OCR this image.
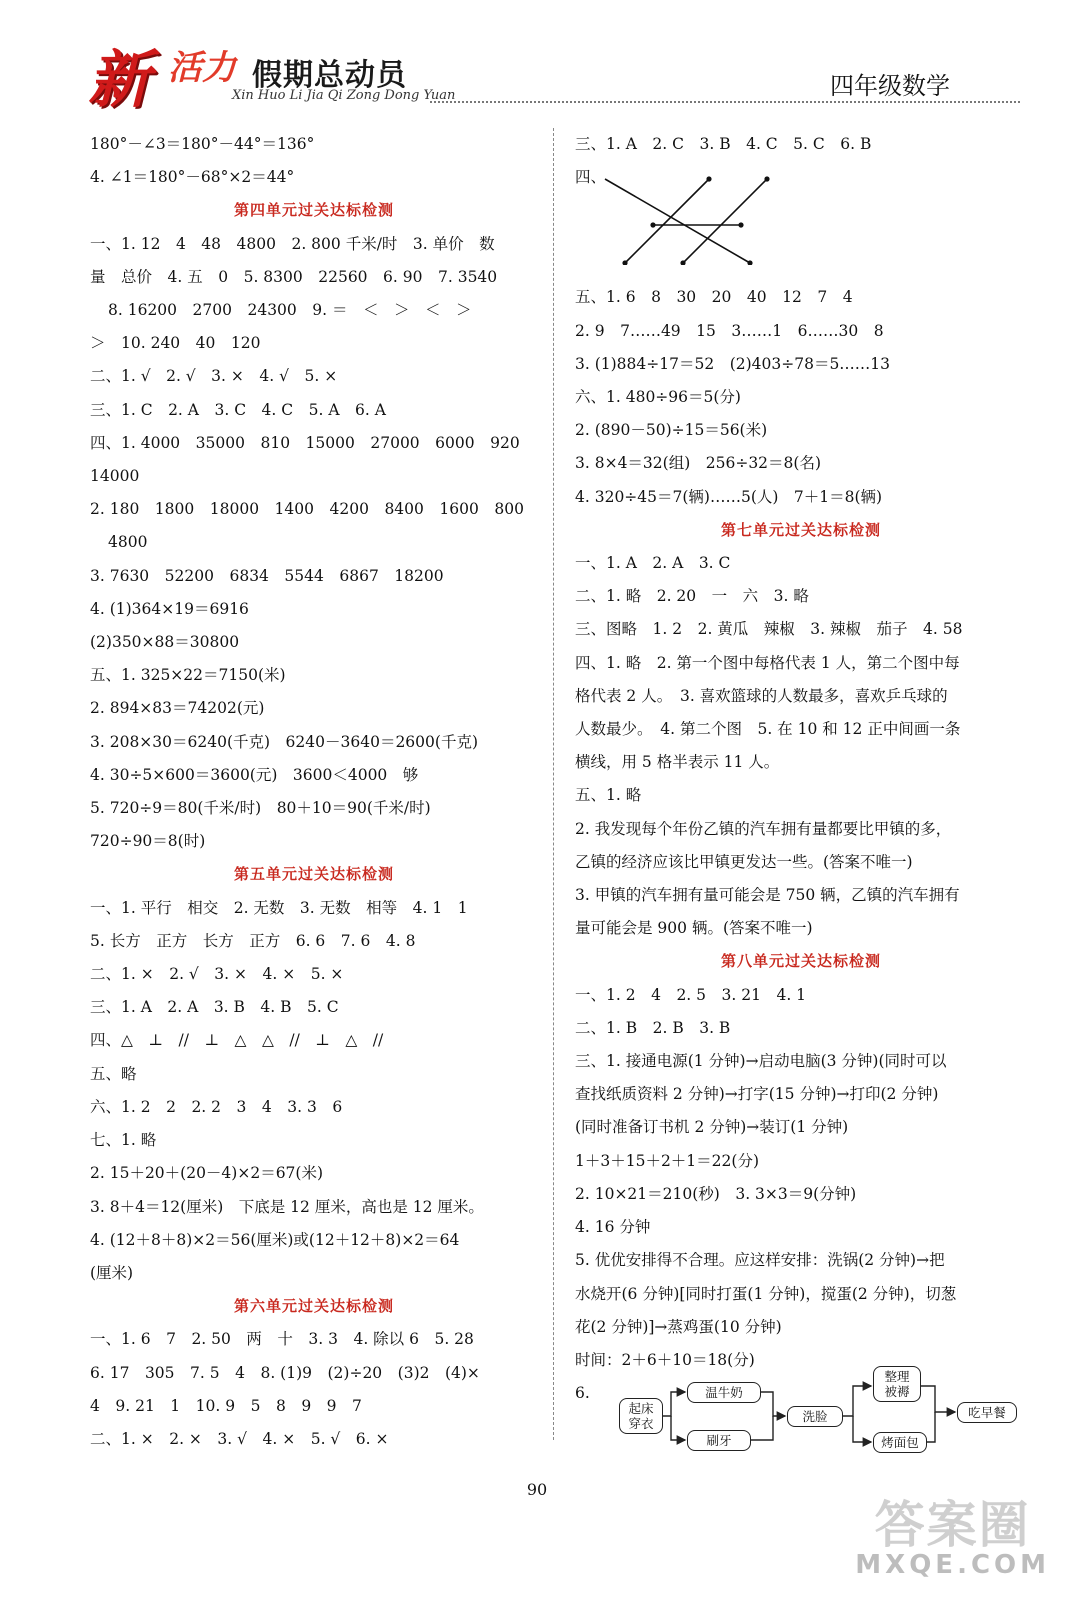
新 活力 假期总动员
Xin Huo Li Jia Qi Zong Dong Yuan	四年级数学
180°－∠3＝180°－44°＝136°
4. ∠1＝180°－68°×2＝44°
第四单元过关达标检测
一、1. 12　4　48　4800　2. 800 千米/时　3. 单价　数
量　总价　4. 五　0　5. 8300　22560　6. 90　7. 3540
8. 16200　2700　24300　9. ＝　＜　＞　＜　＞
＞　10. 240　40　120
二、1. √　2. √　3. ×　4. √　5. ×
三、1. C　2. A　3. C　4. C　5. A　6. A
四、1. 4000　35000　810　15000　27000　6000　920
14000
2. 180　1800　18000　1400　4200　8400　1600　800
4800
3. 7630　52200　6834　5544　6867　18200
4. (1)364×19＝6916
(2)350×88＝30800
五、1. 325×22＝7150(米)
2. 894×83＝74202(元)
3. 208×30＝6240(千克)　6240－3640＝2600(千克)
4. 30÷5×600＝3600(元)　3600＜4000　够
5. 720÷9＝80(千米/时)　80＋10＝90(千米/时)
720÷90＝8(时)
第五单元过关达标检测
一、1. 平行　相交　2. 无数　3. 无数　相等　4. 1　1
5. 长方　正方　长方　正方　6. 6　7. 6　4. 8
二、1. ×　2. √　3. ×　4. ×　5. ×
三、1. A　2. A　3. B　4. B　5. C
四、△　⊥　//　⊥　△　△　//　⊥　△　//
五、略
六、1. 2　2　2. 2　3　4　3. 3　6
七、1. 略
2. 15＋20＋(20－4)×2＝67(米)
3. 8＋4＝12(厘米)　下底是 12 厘米，高也是 12 厘米。
4. (12＋8＋8)×2＝56(厘米)或(12＋12＋8)×2＝64
(厘米)
第六单元过关达标检测
一、1. 6　7　2. 50　两　十　3. 3　4. 除以 6　5. 28
6. 17　305　7. 5　4　8. (1)9　(2)÷20　(3)2　(4)×
4　9. 21　1　10. 9　5　8　9　9　7
二、1. ×　2. ×　3. √　4. ×　5. √　6. ×
三、1. A　2. C　3. B　4. C　5. C　6. B
四、
五、1. 6　8　30　20　40　12　7　4
2. 9　7……49　15　3……1　6……30　8
3. (1)884÷17＝52　(2)403÷78＝5……13
六、1. 480÷96＝5(分)
2. (890－50)÷15＝56(米)
3. 8×4＝32(组)　256÷32＝8(名)
4. 320÷45＝7(辆)……5(人)　7＋1＝8(辆)
第七单元过关达标检测
一、1. A　2. A　3. C
二、1. 略　2. 20　一　六　3. 略
三、图略　1. 2　2. 黄瓜　辣椒　3. 辣椒　茄子　4. 58
四、1. 略　2. 第一个图中每格代表 1 人，第二个图中每
格代表 2 人。　3. 喜欢篮球的人数最多，喜欢乒乓球的
人数最少。　4. 第二个图　5. 在 10 和 12 正中间画一条
横线，用 5 格半表示 11 人。
五、1. 略
2. 我发现每个年份乙镇的汽车拥有量都要比甲镇的多，
乙镇的经济应该比甲镇更发达一些。(答案不唯一)
3. 甲镇的汽车拥有量可能会是 750 辆，乙镇的汽车拥有
量可能会是 900 辆。(答案不唯一)
第八单元过关达标检测
一、1. 2　4　2. 5　3. 21　4. 1
二、1. B　2. B　3. B
三、1. 接通电源(1 分钟)→启动电脑(3 分钟)(同时可以
查找纸质资料 2 分钟)→打字(15 分钟)→打印(2 分钟)
(同时准备订书机 2 分钟)→装订(1 分钟)
1＋3＋15＋2＋1＝22(分)
2. 10×21＝210(秒)　3. 3×3＝9(分钟)
4. 16 分钟
5. 优优安排得不合理。应这样安排：洗锅(2 分钟)→把
水烧开(6 分钟)[同时打蛋(1 分钟)，搅蛋(2 分钟)，切葱
花(2 分钟)]→蒸鸡蛋(10 分钟)
时间：2＋6＋10＝18(分)
6.
起床
穿衣
温牛奶
刷牙
洗脸
整理
被褥
烤面包
吃早餐
90
答案圈
MXQE.COM
